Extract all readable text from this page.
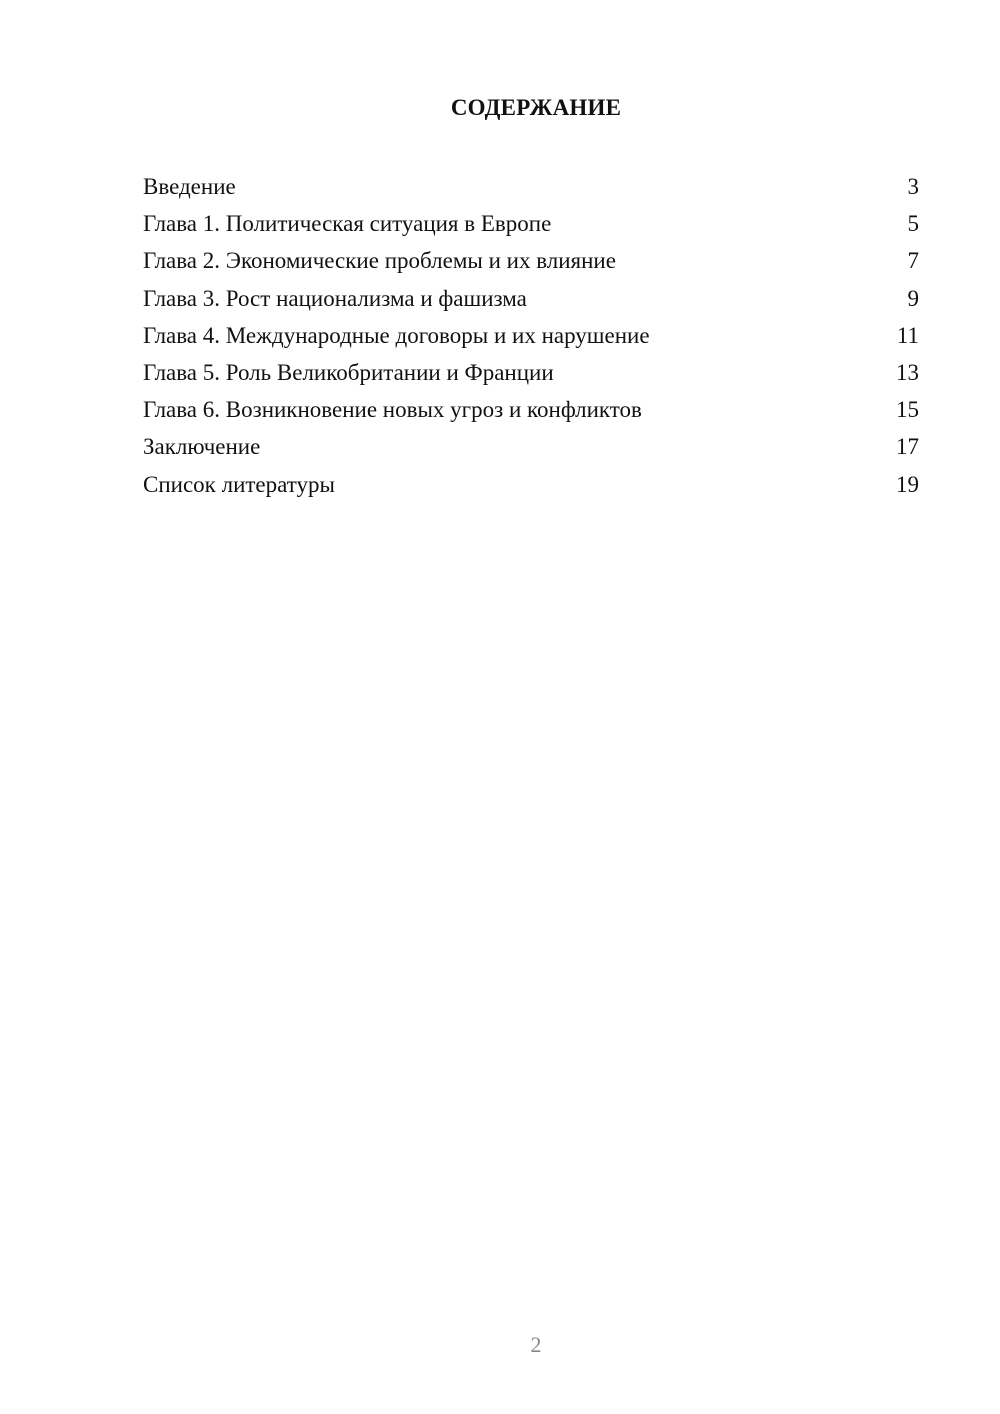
СОДЕРЖАНИЕ
Введение	3
Глава 1. Политическая ситуация в Европе	5
Глава 2. Экономические проблемы и их влияние	7
Глава 3. Рост национализма и фашизма	9
Глава 4. Международные договоры и их нарушение	11
Глава 5. Роль Великобритании и Франции	13
Глава 6. Возникновение новых угроз и конфликтов	15
Заключение	17
Список литературы	19
2
